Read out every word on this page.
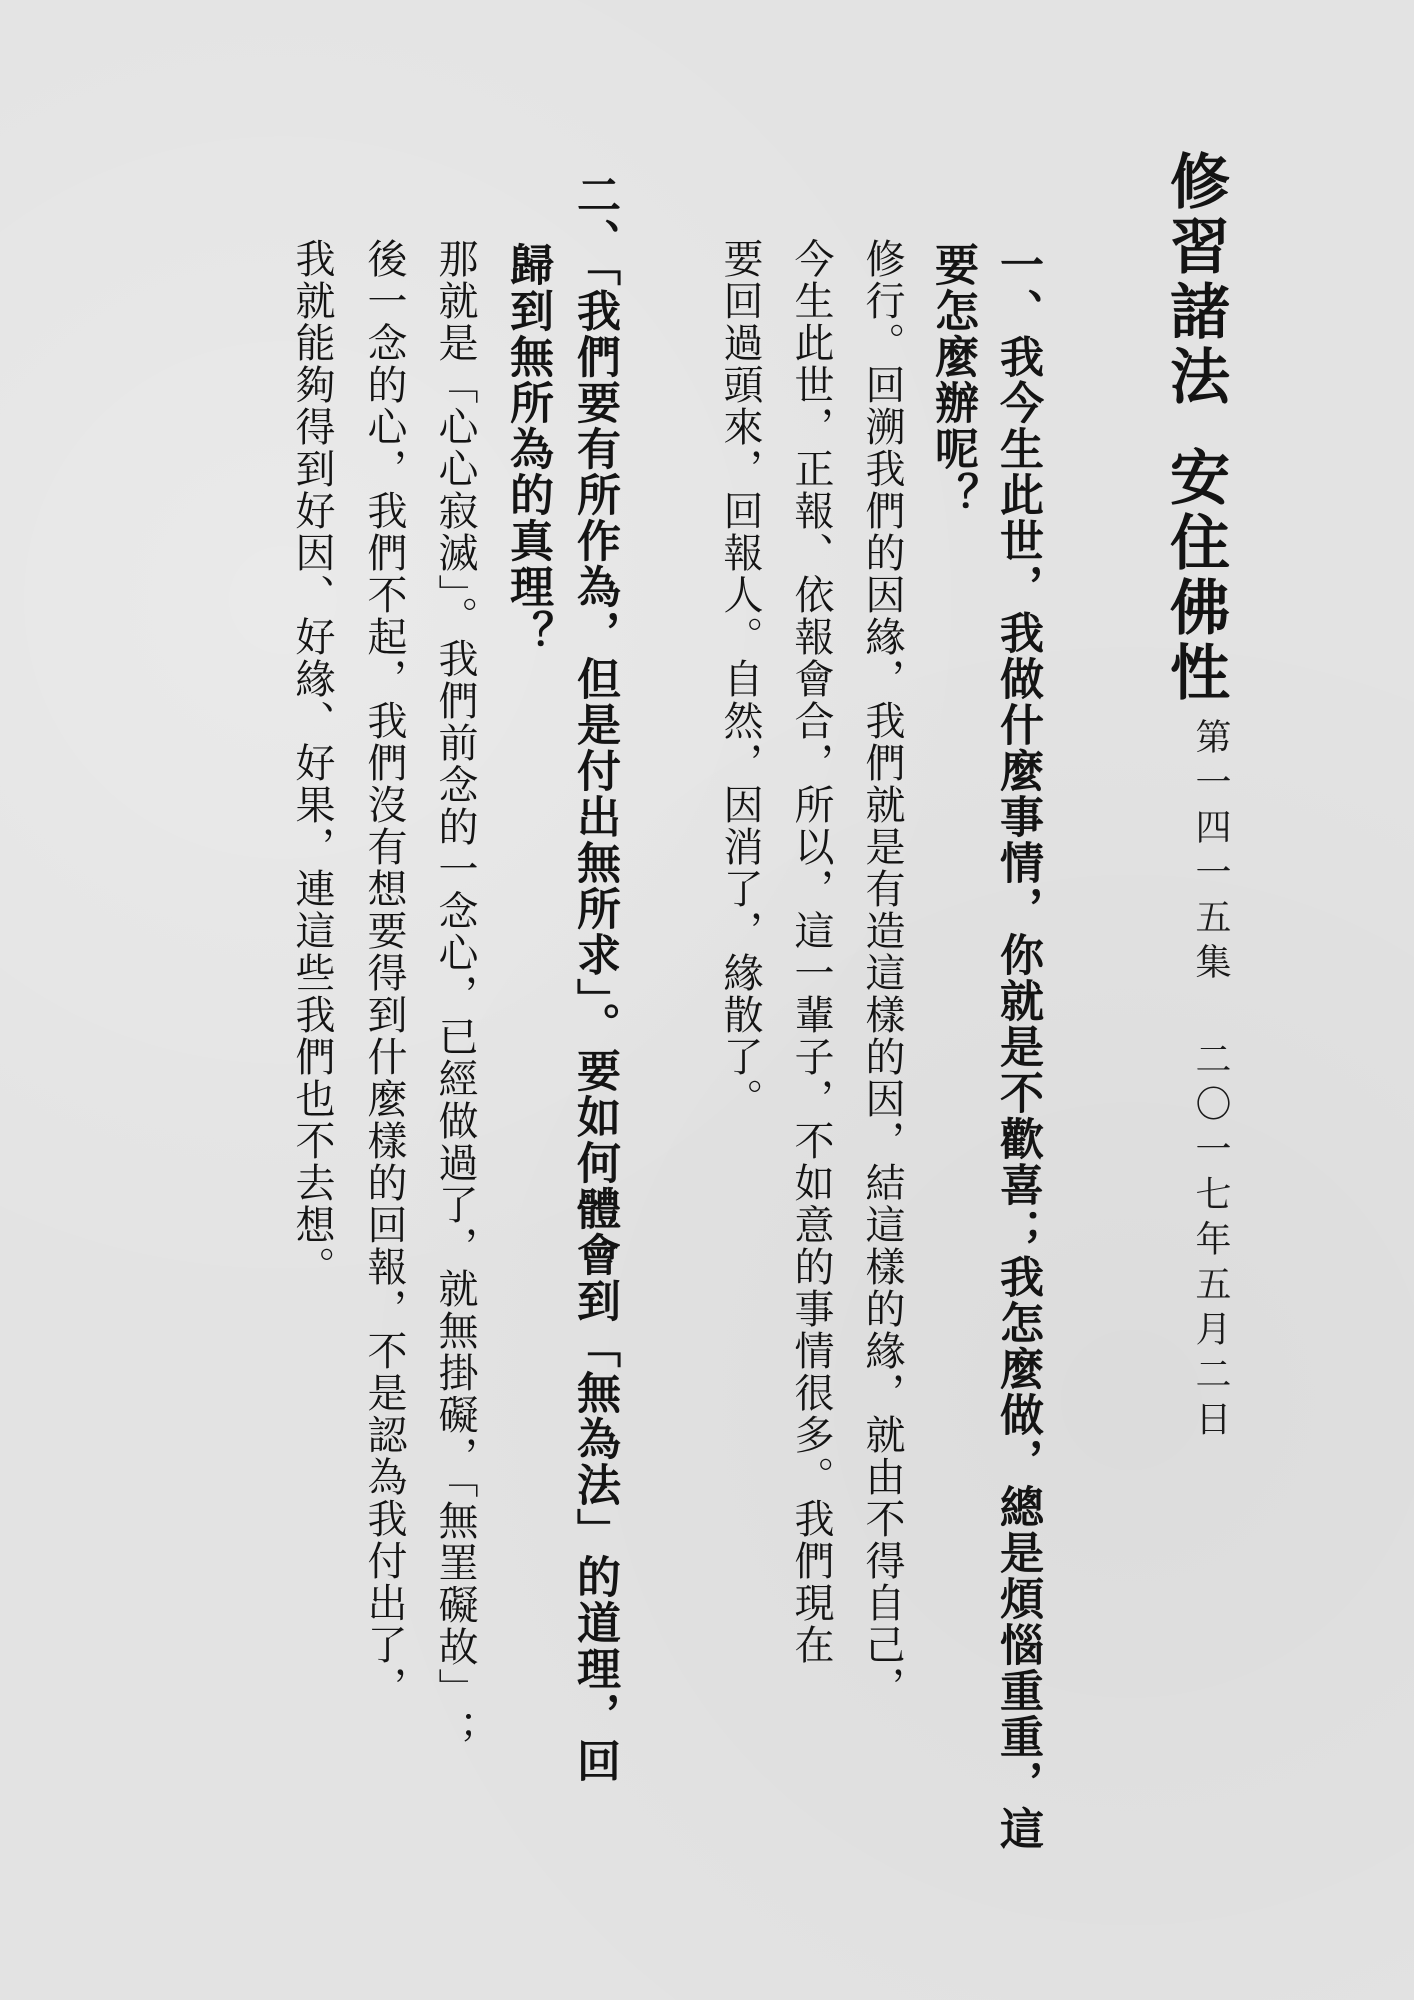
修習諸法安住佛性
第一四一五集
二〇一七年五月二日
一、我今生此世，我做什麼事情，你就是不歡喜；我怎麼做，總是煩惱重重，這
要怎麼辦呢？
修行。回溯我們的因緣，我們就是有造這樣的因，結這樣的緣，就由不得自己，
今生此世，正報、依報會合，所以，這一輩子，不如意的事情很多。我們現在
要回過頭來，回報人。自然，因消了，緣散了。
二、「我們要有所作為，但是付出無所求」。要如何體會到「無為法」的道理，回
歸到無所為的真理？
那就是「心心寂滅」。我們前念的一念心，已經做過了，就無掛礙，「無罣礙故」；
後一念的心，我們不起，我們沒有想要得到什麼樣的回報，不是認為我付出了，
我就能夠得到好因、好緣、好果，連這些我們也不去想。
